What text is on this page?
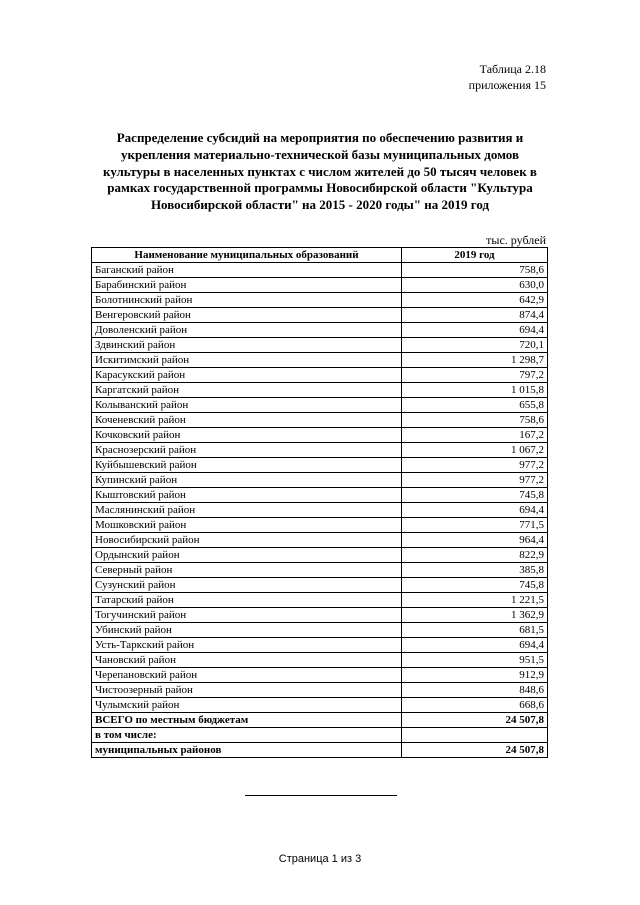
Таблица 2.18
приложения 15
Распределение субсидий на мероприятия по обеспечению развития и
укрепления материально-технической базы муниципальных домов
культуры в населенных пунктах с числом жителей до 50 тысяч человек в
рамках государственной программы Новосибирской области "Культура
Новосибирской области" на 2015 - 2020 годы" на 2019 год
тыс. рублей
Наименование муниципальных образований	2019 год
Баганский район	758,6
Барабинский район	630,0
Болотнинский район	642,9
Венгеровский район	874,4
Доволенский район	694,4
Здвинский район	720,1
Искитимский район	1 298,7
Карасукский район	797,2
Каргатский район	1 015,8
Колыванский район	655,8
Коченевский район	758,6
Кочковский район	167,2
Краснозерский район	1 067,2
Куйбышевский район	977,2
Купинский район	977,2
Кыштовский район	745,8
Маслянинский район	694,4
Мошковский район	771,5
Новосибирский район	964,4
Ордынский район	822,9
Северный район	385,8
Сузунский район	745,8
Татарский район	1 221,5
Тогучинский район	1 362,9
Убинский район	681,5
Усть-Таркский район	694,4
Чановский район	951,5
Черепановский район	912,9
Чистоозерный район	848,6
Чулымский район	668,6
ВСЕГО по местным бюджетам	24 507,8
в том числе:	
муниципальных районов	24 507,8
Страница 1 из 3
